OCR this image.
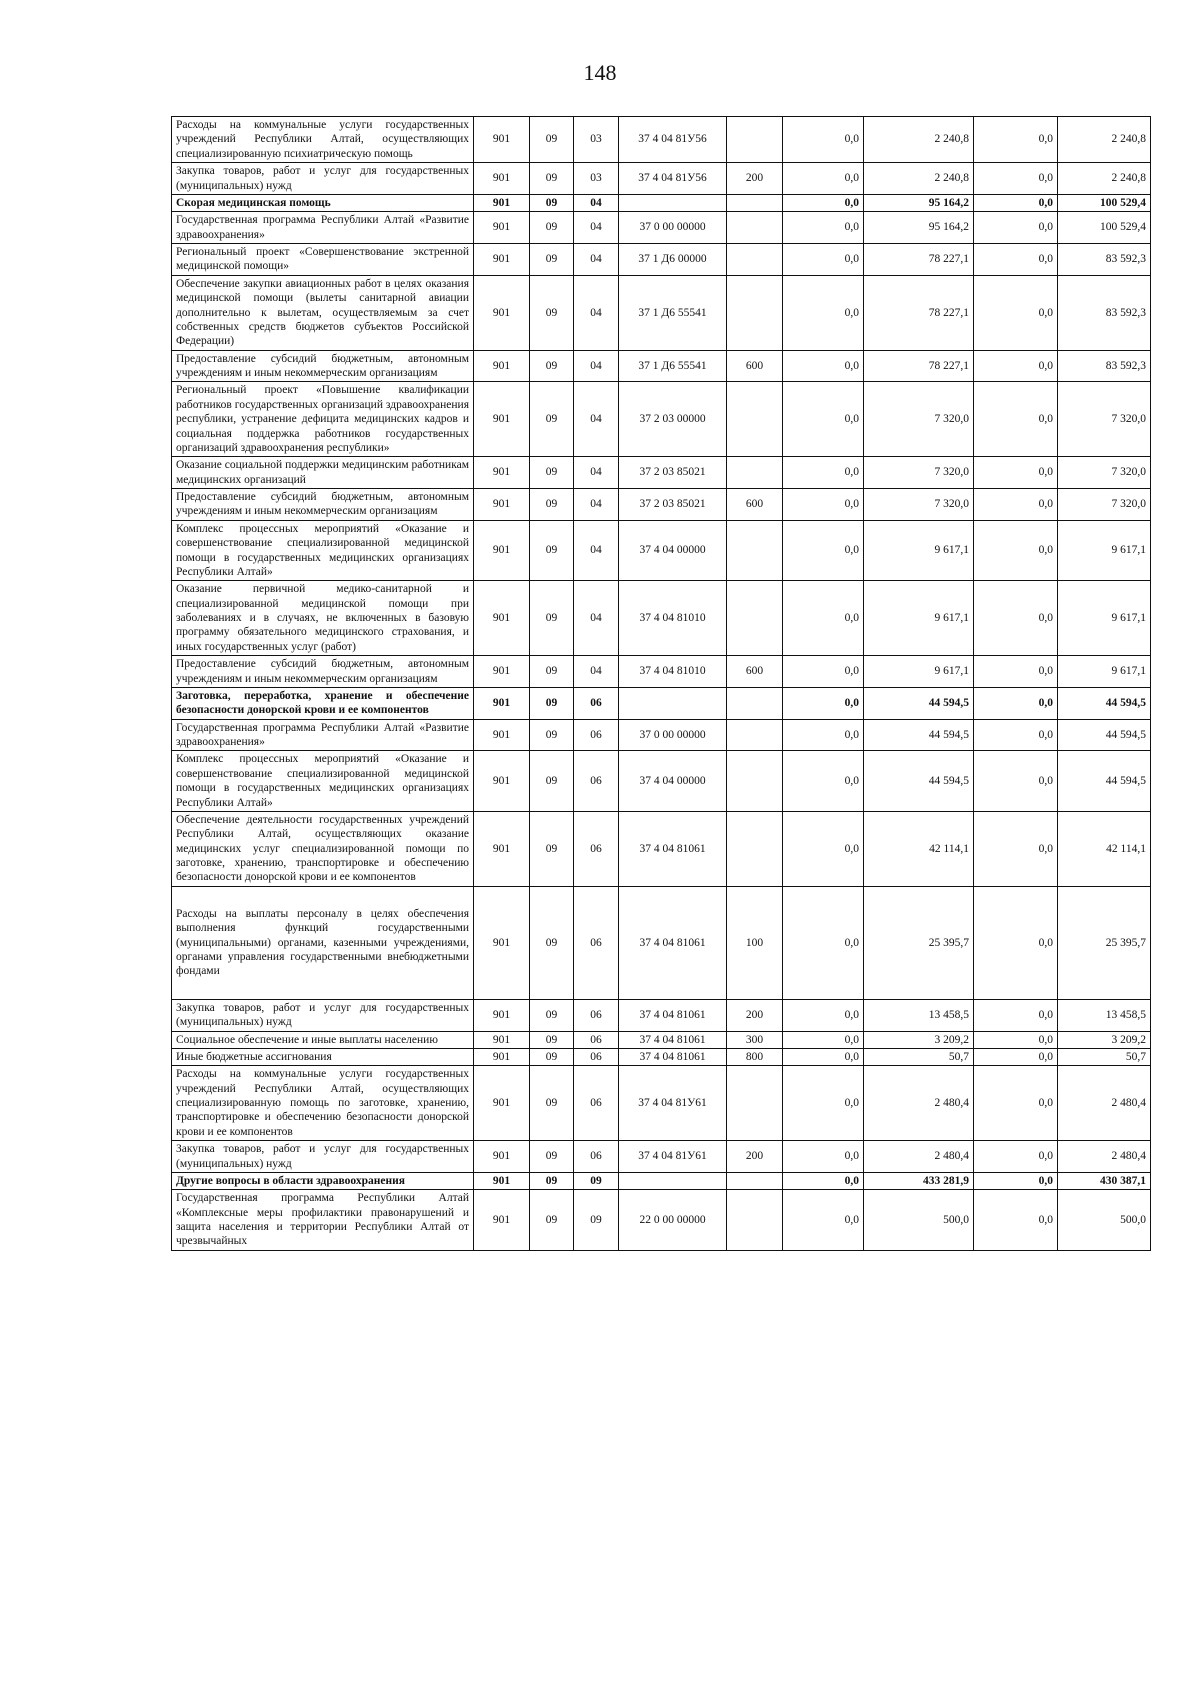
148
Расходы на коммунальные услуги государственных учреждений Республики Алтай, осуществляющих специализированную психиатрическую помощь	901	09	03	37 4 04 81У56		0,0	2 240,8	0,0	2 240,8
Закупка товаров, работ и услуг для государственных (муниципальных) нужд	901	09	03	37 4 04 81У56	200	0,0	2 240,8	0,0	2 240,8
Скорая медицинская помощь	901	09	04			0,0	95 164,2	0,0	100 529,4
Государственная программа Республики Алтай «Развитие здравоохранения»	901	09	04	37 0 00 00000		0,0	95 164,2	0,0	100 529,4
Региональный проект «Совершенствование экстренной медицинской помощи»	901	09	04	37 1 Д6 00000		0,0	78 227,1	0,0	83 592,3
Обеспечение закупки авиационных работ в целях оказания медицинской помощи (вылеты санитарной авиации дополнительно к вылетам, осуществляемым за счет собственных средств бюджетов субъектов Российской Федерации)	901	09	04	37 1 Д6 55541		0,0	78 227,1	0,0	83 592,3
Предоставление субсидий бюджетным, автономным учреждениям и иным некоммерческим организациям	901	09	04	37 1 Д6 55541	600	0,0	78 227,1	0,0	83 592,3
Региональный проект «Повышение квалификации работников государственных организаций здравоохранения республики, устранение дефицита медицинских кадров и социальная поддержка работников государственных организаций здравоохранения республики»	901	09	04	37 2 03 00000		0,0	7 320,0	0,0	7 320,0
Оказание социальной поддержки медицинским работникам медицинских организаций	901	09	04	37 2 03 85021		0,0	7 320,0	0,0	7 320,0
Предоставление субсидий бюджетным, автономным учреждениям и иным некоммерческим организациям	901	09	04	37 2 03 85021	600	0,0	7 320,0	0,0	7 320,0
Комплекс процессных мероприятий «Оказание и совершенствование специализированной медицинской помощи в государственных медицинских организациях Республики Алтай»	901	09	04	37 4 04 00000		0,0	9 617,1	0,0	9 617,1
Оказание первичной медико-санитарной и специализированной медицинской помощи при заболеваниях и в случаях, не включенных в базовую программу обязательного медицинского страхования, и иных государственных услуг (работ)	901	09	04	37 4 04 81010		0,0	9 617,1	0,0	9 617,1
Предоставление субсидий бюджетным, автономным учреждениям и иным некоммерческим организациям	901	09	04	37 4 04 81010	600	0,0	9 617,1	0,0	9 617,1
Заготовка, переработка, хранение и обеспечение безопасности донорской крови и ее компонентов	901	09	06			0,0	44 594,5	0,0	44 594,5
Государственная программа Республики Алтай «Развитие здравоохранения»	901	09	06	37 0 00 00000		0,0	44 594,5	0,0	44 594,5
Комплекс процессных мероприятий «Оказание и совершенствование специализированной медицинской помощи в государственных медицинских организациях Республики Алтай»	901	09	06	37 4 04 00000		0,0	44 594,5	0,0	44 594,5
Обеспечение деятельности государственных учреждений Республики Алтай, осуществляющих оказание медицинских услуг специализированной помощи по заготовке, хранению, транспортировке и обеспечению безопасности донорской крови и ее компонентов	901	09	06	37 4 04 81061		0,0	42 114,1	0,0	42 114,1
Расходы на выплаты персоналу в целях обеспечения выполнения функций государственными (муниципальными) органами, казенными учреждениями, органами управления государственными внебюджетными фондами	901	09	06	37 4 04 81061	100	0,0	25 395,7	0,0	25 395,7
Закупка товаров, работ и услуг для государственных (муниципальных) нужд	901	09	06	37 4 04 81061	200	0,0	13 458,5	0,0	13 458,5
Социальное обеспечение и иные выплаты населению	901	09	06	37 4 04 81061	300	0,0	3 209,2	0,0	3 209,2
Иные бюджетные ассигнования	901	09	06	37 4 04 81061	800	0,0	50,7	0,0	50,7
Расходы на коммунальные услуги государственных учреждений Республики Алтай, осуществляющих специализированную помощь по заготовке, хранению, транспортировке и обеспечению безопасности донорской крови и ее компонентов	901	09	06	37 4 04 81У61		0,0	2 480,4	0,0	2 480,4
Закупка товаров, работ и услуг для государственных (муниципальных) нужд	901	09	06	37 4 04 81У61	200	0,0	2 480,4	0,0	2 480,4
Другие вопросы в области здравоохранения	901	09	09			0,0	433 281,9	0,0	430 387,1
Государственная программа Республики Алтай «Комплексные меры профилактики правонарушений и защита населения и территории Республики Алтай от чрезвычайных	901	09	09	22 0 00 00000		0,0	500,0	0,0	500,0
